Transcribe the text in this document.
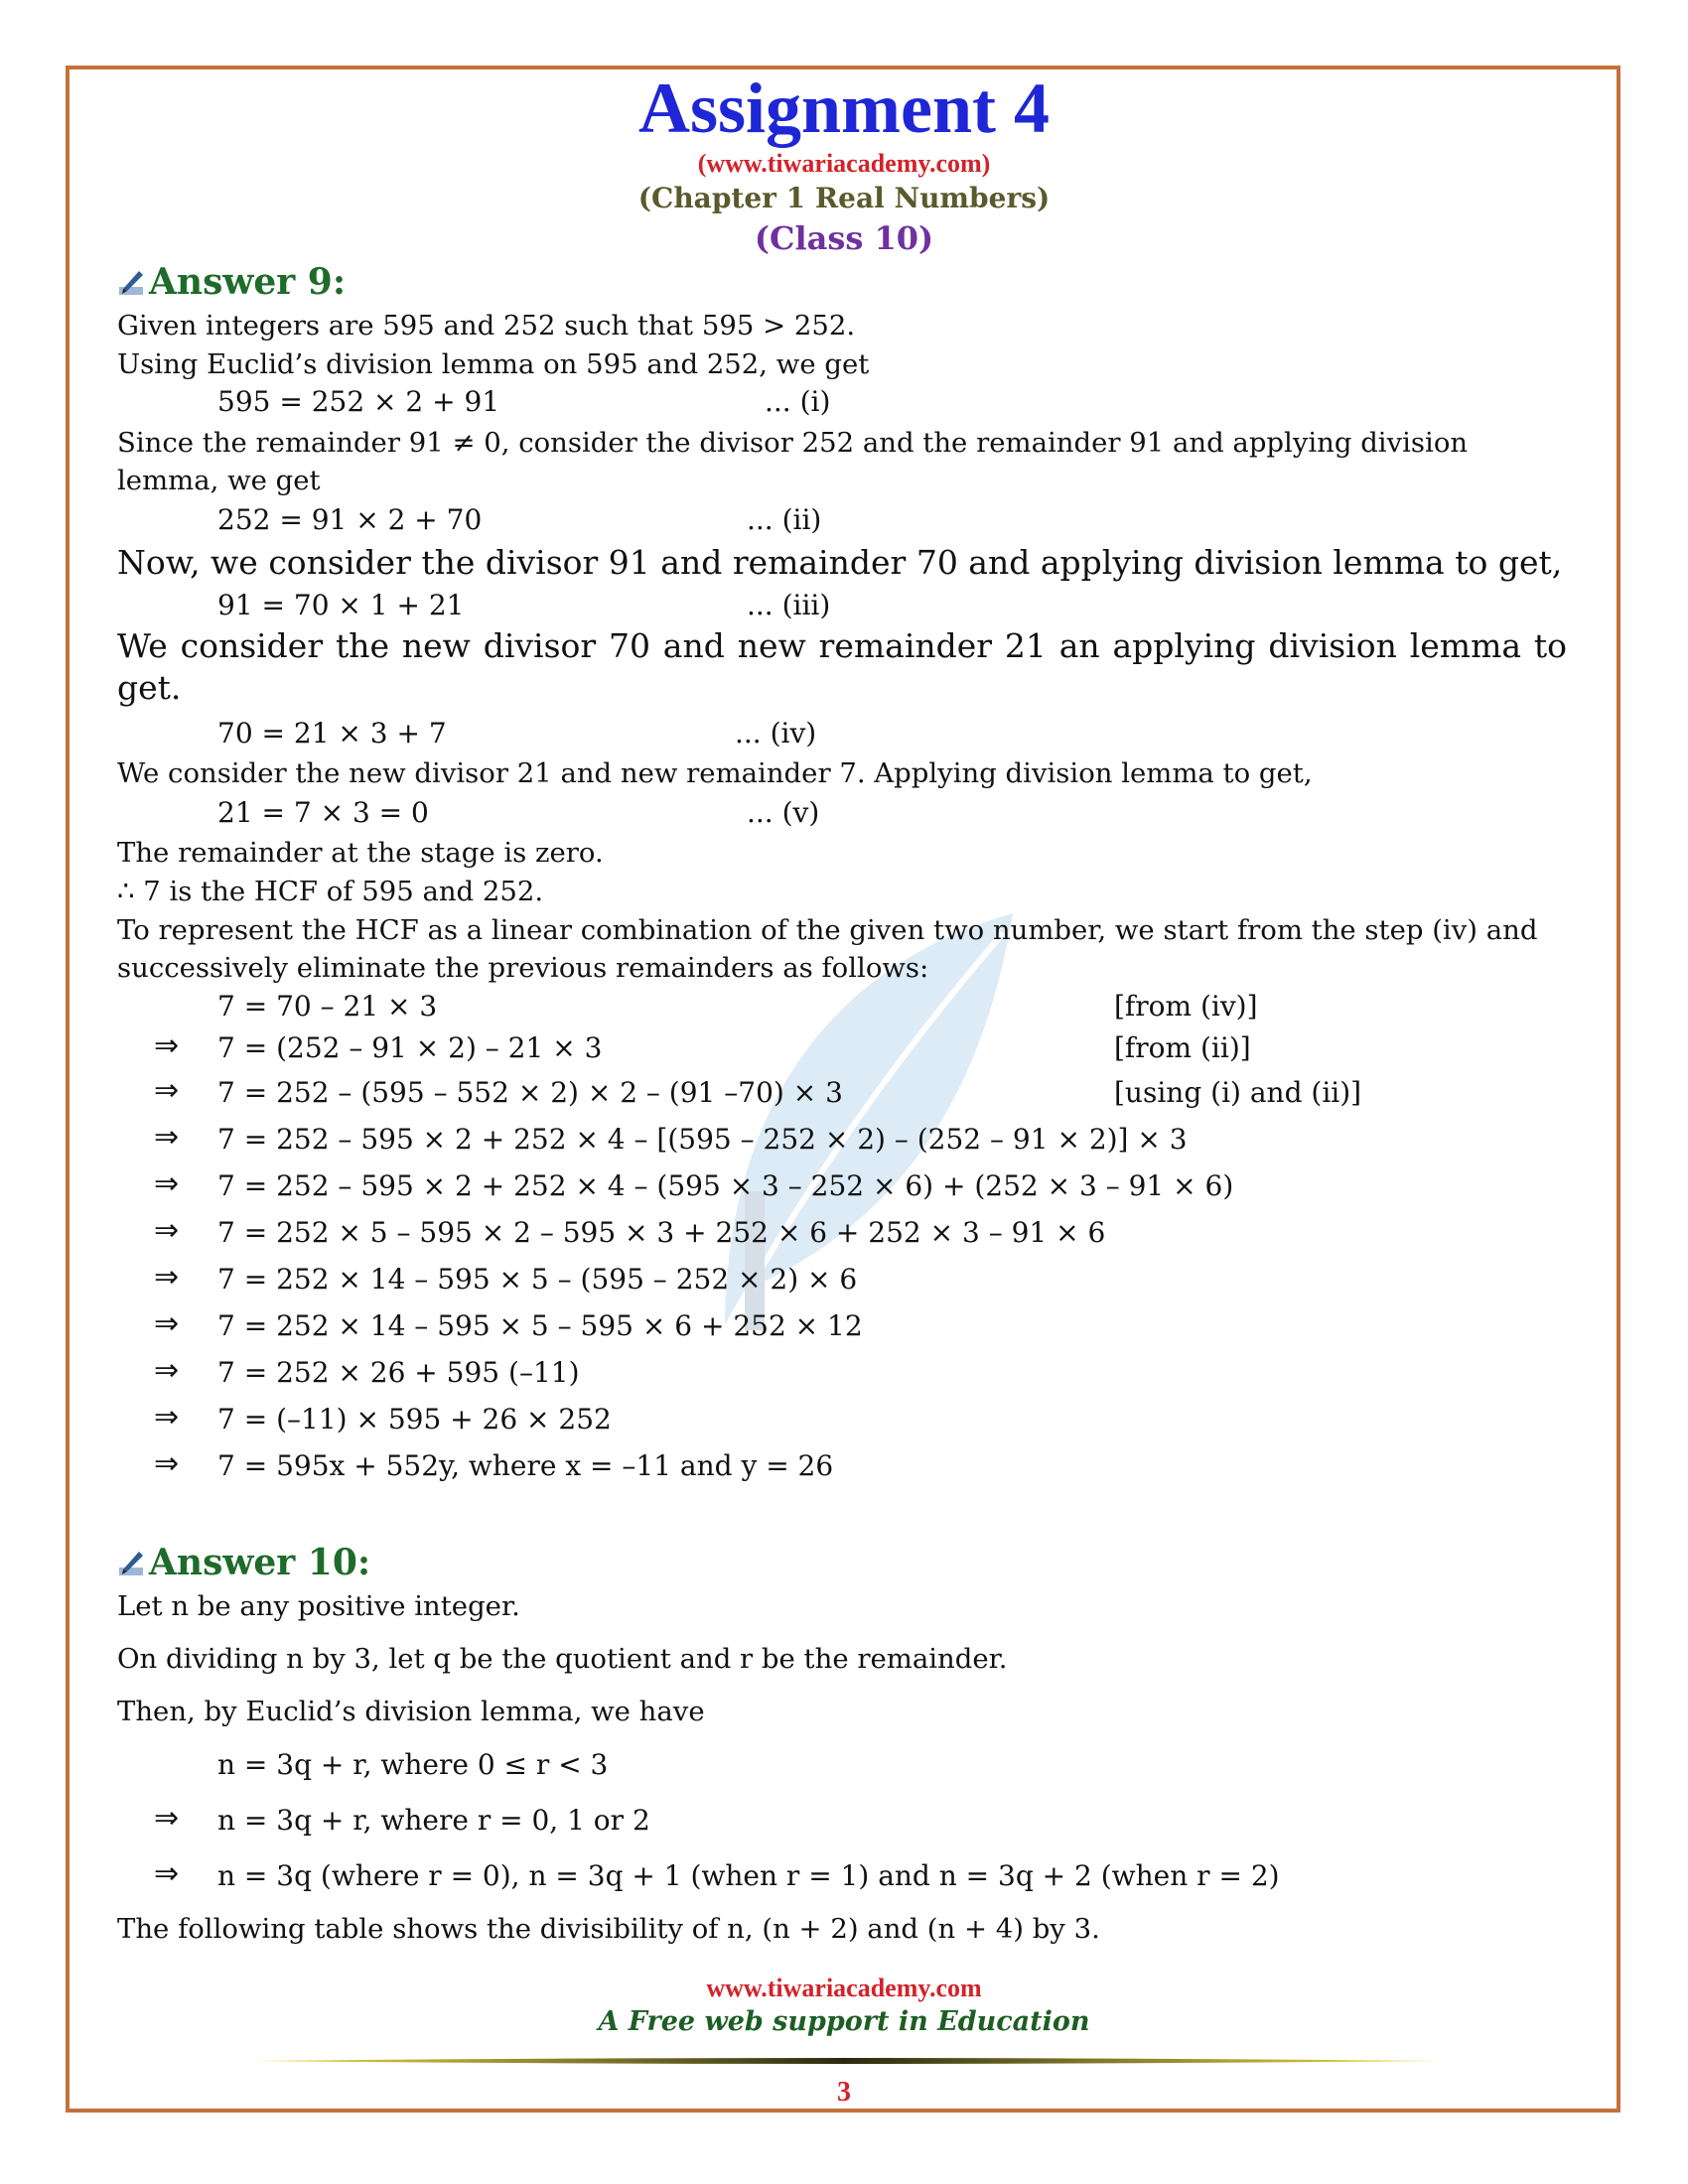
Assignment 4
(www.tiwariacademy.com)
(Chapter 1 Real Numbers)
(Class 10)
Answer 9:
Given integers are 595 and 252 such that 595 > 252.
Using Euclid’s division lemma on 595 and 252, we get
595 = 252 × 2 + 91	... (i)
Since the remainder 91 ≠ 0, consider the divisor 252 and the remainder 91 and applying division lemma, we get
252 = 91 × 2 + 70	... (ii)
Now, we consider the divisor 91 and remainder 70 and applying division lemma to get,
91 = 70 × 1 + 21	... (iii)
We consider the new divisor 70 and new remainder 21 an applying division lemma to get.
70 = 21 × 3 + 7	... (iv)
We consider the new divisor 21 and new remainder 7. Applying division lemma to get,
21 = 7 × 3 = 0	... (v)
The remainder at the stage is zero.
∴ 7 is the HCF of 595 and 252.
To represent the HCF as a linear combination of the given two number, we start from the step (iv) and successively eliminate the previous remainders as follows:
⇒
⇒
⇒
⇒
⇒
⇒
⇒
⇒
⇒
⇒
7 = 70 – 21 × 3
7 = (252 – 91 × 2) – 21 × 3
7 = 252 – (595 – 552 × 2) × 2 – (91 –70) × 3
7 = 252 – 595 × 2 + 252 × 4 – [(595 – 252 × 2) – (252 – 91 × 2)] × 3
7 = 252 – 595 × 2 + 252 × 4 – (595 × 3 – 252 × 6) + (252 × 3 – 91 × 6)
7 = 252 × 5 – 595 × 2 – 595 × 3 + 252 × 6 + 252 × 3 – 91 × 6
7 = 252 × 14 – 595 × 5 – (595 – 252 × 2) × 6
7 = 252 × 14 – 595 × 5 – 595 × 6 + 252 × 12
7 = 252 × 26 + 595 (–11)
7 = (–11) × 595 + 26 × 252
7 = 595x + 552y, where x = –11 and y = 26
[from (iv)]
[from (ii)]
[using (i) and (ii)]
Answer 10:
Let n be any positive integer.
On dividing n by 3, let q be the quotient and r be the remainder.
Then, by Euclid’s division lemma, we have
n = 3q + r, where 0 ≤ r < 3
⇒ n = 3q + r, where r = 0, 1 or 2
⇒ n = 3q (where r = 0), n = 3q + 1 (when r = 1) and n = 3q + 2 (when r = 2)
The following table shows the divisibility of n, (n + 2) and (n + 4) by 3.
www.tiwariacademy.com
A Free web support in Education
3
